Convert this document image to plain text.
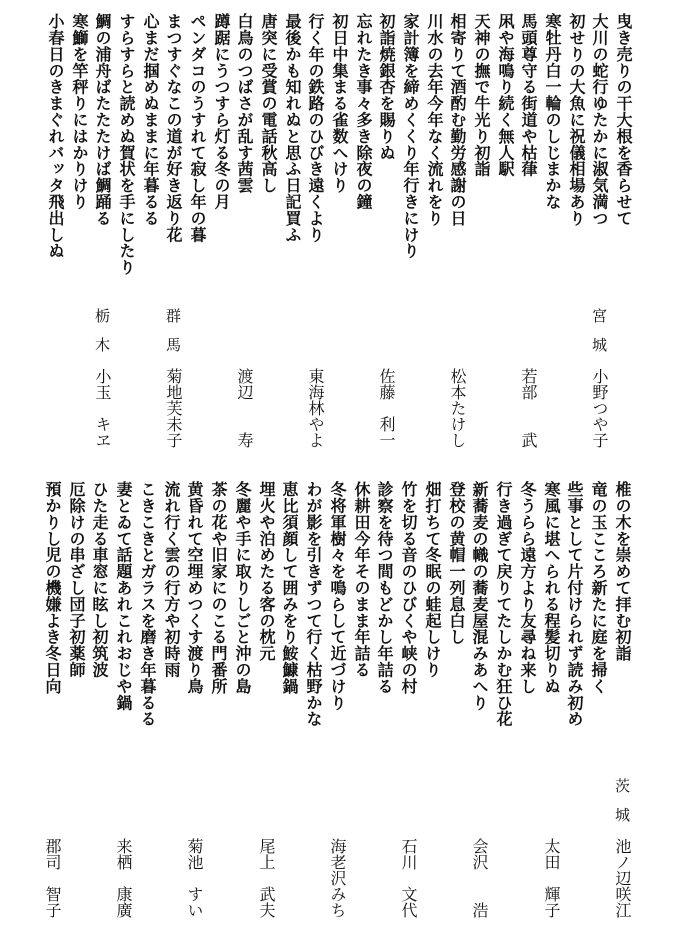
曳き売りの干大根を香らせて
大川の蛇行ゆたかに淑気満つ
初せりの大魚に祝儀相場あり
寒牡丹白一輪のしじまかな
馬頭尊守る街道や枯葎
凩や海鳴り続く無人駅
天神の撫で牛光り初詣
相寄りて酒酌む勤労感謝の日
川水の去年今年なく流れをり
家計簿を締めくくり年行きにけり
初詣焼銀杏を賜りぬ
忘れたき事々多き除夜の鐘
初日中集まる雀数へけり
行く年の鉄路のひびき遠くより
最後かも知れぬと思ふ日記買ふ
唐突に受賞の電話秋高し
白鳥のつばさが乱す茜雲
蹲踞にうつすら灯る冬の月
ペンダコのうすれて寂し年の暮
まつすぐなこの道が好き返り花
心まだ掴めぬままに年暮るる
すらすらと読めぬ賀状を手にしたり
鯛の浦舟ばたたたけば鯛踊る
寒鰤を竿秤りにはかりけり
小春日のきまぐれバッタ飛出しぬ
宮城
小野つや子
若部　　武
松本たけし
佐藤　利一
東海林やよ
渡辺　　寿
群馬
菊地芙未子
栃木
小玉　キヱ
椎の木を崇めて拝む初詣
竜の玉こころ新たに庭を掃く
些事として片付けられず読み初め
寒風に堪へられる程髪切りぬ
冬うらら遠方より友尋ね来し
行き過ぎて戻りてたしかむ狂ひ花
新蕎麦の幟の蕎麦屋混みあへり
登校の黄帽一列息白し
畑打ちて冬眠の蛙起しけり
竹を切る音のひびくや峡の村
診察を待つ間もどかし年詰る
休耕田今年そのまま年詰る
冬将軍樹々を鳴らして近づけり
わが影を引きずつて行く枯野かな
恵比須顔して囲みをり鮟鱇鍋
埋火や泊めたる客の枕元
冬麗や手に取りしごと沖の島
茶の花や旧家にのこる門番所
黄昏れて空埋めつくす渡り鳥
流れ行く雲の行方や初時雨
こきこきとガラスを磨き年暮るる
妻とゐて話題あれこれおじや鍋
ひた走る車窓に眩し初筑波
厄除けの串ざし団子初薬師
預かりし児の機嫌よき冬日向
茨城
池ノ辺咲江
太田　輝子
会沢　　浩
石川　文代
海老沢みち
尾上　武夫
菊池　すい
来栖　康廣
郡司　智子
